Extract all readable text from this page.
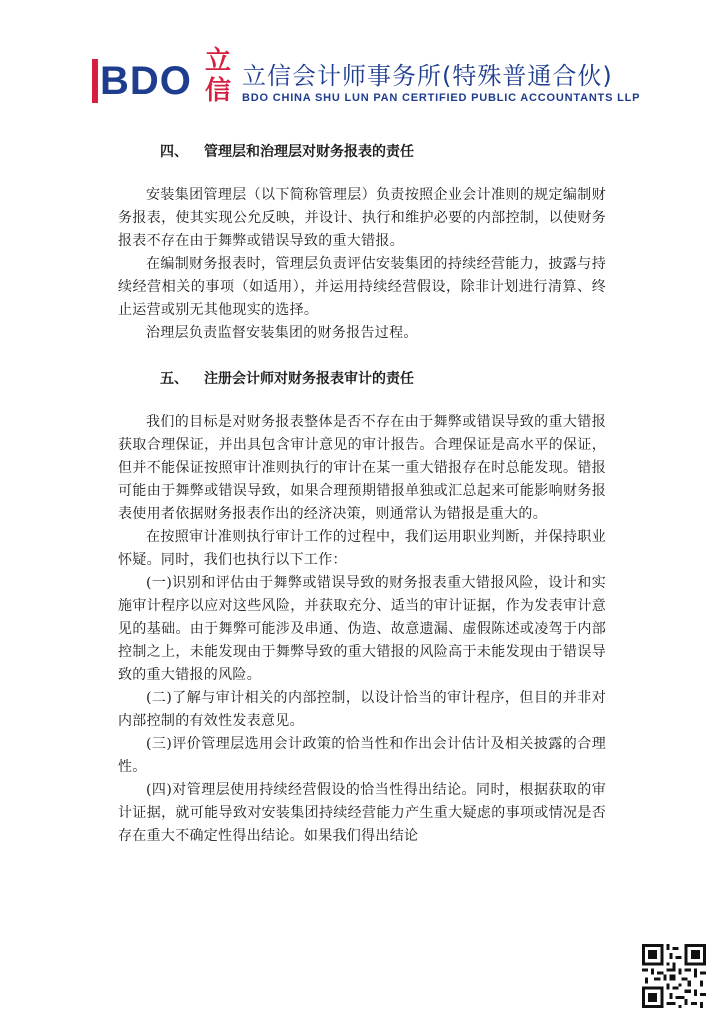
BDO 立信 立信会计师事务所(特殊普通合伙)
BDO CHINA SHU LUN PAN CERTIFIED PUBLIC ACCOUNTANTS LLP
四、 管理层和治理层对财务报表的责任

安装集团管理层（以下简称管理层）负责按照企业会计准则的规定编制财务报表，使其实现公允反映，并设计、执行和维护必要的内部控制，以使财务报表不存在由于舞弊或错误导致的重大错报。

在编制财务报表时，管理层负责评估安装集团的持续经营能力，披露与持续经营相关的事项（如适用），并运用持续经营假设，除非计划进行清算、终止运营或别无其他现实的选择。

治理层负责监督安装集团的财务报告过程。

五、 注册会计师对财务报表审计的责任

我们的目标是对财务报表整体是否不存在由于舞弊或错误导致的重大错报获取合理保证，并出具包含审计意见的审计报告。合理保证是高水平的保证，但并不能保证按照审计准则执行的审计在某一重大错报存在时总能发现。错报可能由于舞弊或错误导致，如果合理预期错报单独或汇总起来可能影响财务报表使用者依据财务报表作出的经济决策，则通常认为错报是重大的。

在按照审计准则执行审计工作的过程中，我们运用职业判断，并保持职业怀疑。同时，我们也执行以下工作：

(一)识别和评估由于舞弊或错误导致的财务报表重大错报风险，设计和实施审计程序以应对这些风险，并获取充分、适当的审计证据，作为发表审计意见的基础。由于舞弊可能涉及串通、伪造、故意遗漏、虚假陈述或凌驾于内部控制之上，未能发现由于舞弊导致的重大错报的风险高于未能发现由于错误导致的重大错报的风险。

(二)了解与审计相关的内部控制，以设计恰当的审计程序，但目的并非对内部控制的有效性发表意见。

(三)评价管理层选用会计政策的恰当性和作出会计估计及相关披露的合理性。

(四)对管理层使用持续经营假设的恰当性得出结论。同时，根据获取的审计证据，就可能导致对安装集团持续经营能力产生重大疑虑的事项或情况是否存在重大不确定性得出结论。如果我们得出结论
